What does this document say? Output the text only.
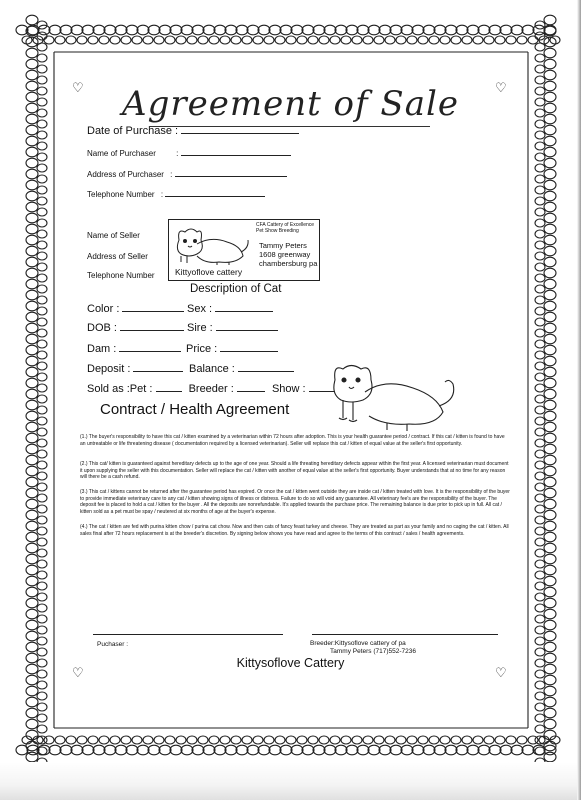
♡	♡
♡	♡
Agreement of Sale
Date of Purchase :
Name of Purchaser	:
Address of Purchaser :
Telephone Number :
Name of Seller
Address of Seller
Telephone Number
CFA Cattery of Excellence
Pet Show Breeding
Tammy Peters
1608 greenway
chambersburg pa
Kittyoflove cattery
Description of Cat
Color :	Sex :
DOB :	Sire :
Dam :	Price :
Deposit :	Balance :
Sold as :Pet :	Breeder :	Show :
Contract / Health Agreement
(1.) The buyer's responsibility to have this cat / kitten examined by a veterinarian within 72 hours after adoption. This is your health guarantee period / contract. If this cat / kitten is found to have an untreatable or life threatening disease ( documentation required by a licensed veterinarian). Seller will replace this cat / kitten of equal value at the seller's first opportunity.
(2.) This cat/ kitten is guaranteed against hereditary defects up to the age of one year. Should a life threating hereditary defects appear within the first year. A licensed veterinarian must document it upon supplying the seller with this documentation. Seller will replace the cat / kitten with another of equal value at the seller's first opportunity. Buyer understands that at no time for any reason will there be a cash refund.
(3.) This cat / kittens cannot be returned after the guarantee period has expired. Or once the cat / kitten went outside they are inside cat / kitten treated with love. It is the responsibility of the buyer to provide immediate veterinary care to any cat / kitten showing signs of illness or distress. Failure to do so will void any guarantee. All veterinary fee's are the responsibility of the buyer. The deposit fee is placed to hold a cat / kitten for the buyer . All the deposits are nonrefundable. It's applied towards the purchase price. The remaining balance is due prior to pick up in full. All cat / kitten sold as a pet must be spay / neutered at six months of age at the buyer's expense.
(4.) The cat / kitten are fed with purina kitten chow / purina cat chow. Now and then cats of fancy feast turkey and cheese. They are treated as part as your family and no caging the cat / kitten. All sales final after 72 hours replacement is at the breeder's discretion. By signing below shows you have read and agree to the terms of this contract / sales / health agreements.
Puchaser :	Breeder:Kittysoflove cattery of pa
Tammy Peters (717)552-7236
Kittysoflove Cattery
